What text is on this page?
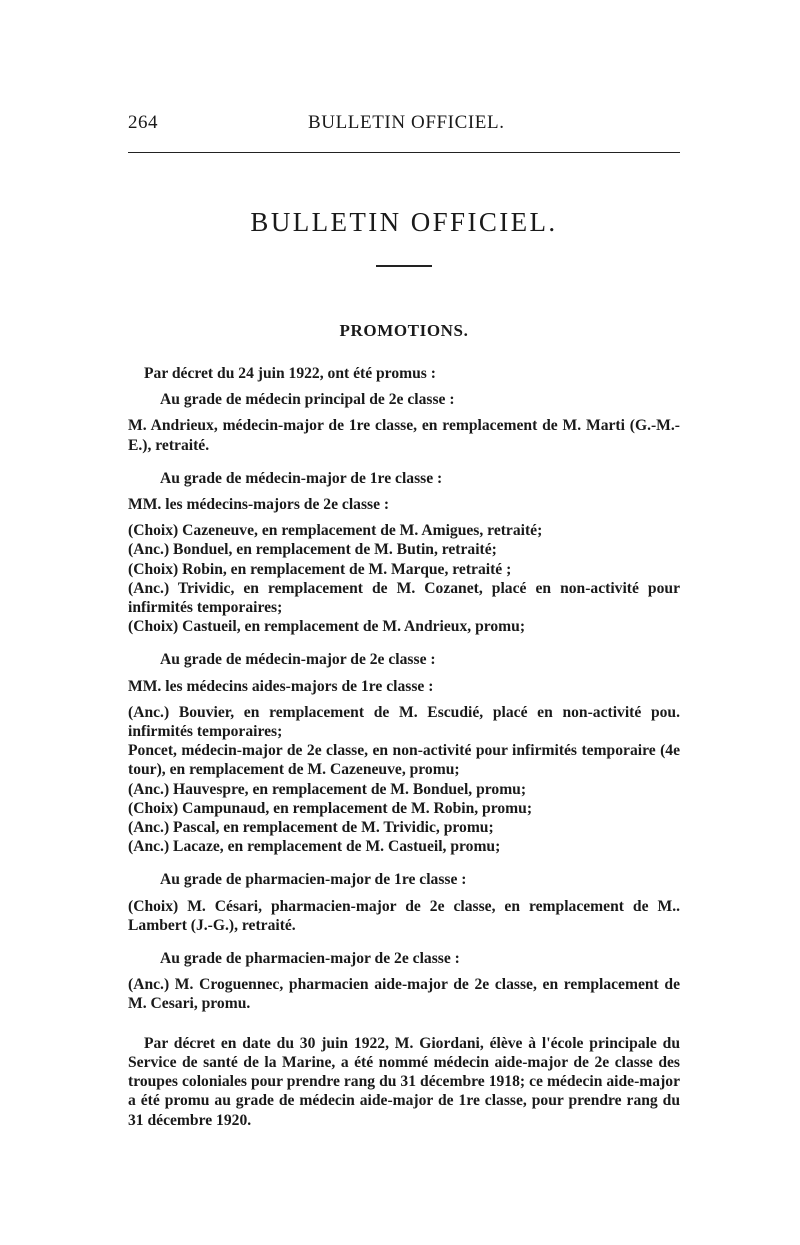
264	BULLETIN OFFICIEL.
BULLETIN OFFICIEL.
PROMOTIONS.

Par décret du 24 juin 1922, ont été promus :

Au grade de médecin principal de 2e classe :

M. Andrieux, médecin-major de 1re classe, en remplacement de M. Marti (G.-M.-E.), retraité.

Au grade de médecin-major de 1re classe :

MM. les médecins-majors de 2e classe :

(Choix) Cazeneuve, en remplacement de M. Amigues, retraité;

(Anc.) Bonduel, en remplacement de M. Butin, retraité;

(Choix) Robin, en remplacement de M. Marque, retraité ;

(Anc.) Trividic, en remplacement de M. Cozanet, placé en non-activité pour infirmités temporaires;

(Choix) Castueil, en remplacement de M. Andrieux, promu;

Au grade de médecin-major de 2e classe :

MM. les médecins aides-majors de 1re classe :

(Anc.) Bouvier, en remplacement de M. Escudié, placé en non-activité pou. infirmités temporaires;

Poncet, médecin-major de 2e classe, en non-activité pour infirmités temporaire (4e tour), en remplacement de M. Cazeneuve, promu;

(Anc.) Hauvespre, en remplacement de M. Bonduel, promu;

(Choix) Campunaud, en remplacement de M. Robin, promu;

(Anc.) Pascal, en remplacement de M. Trividic, promu;

(Anc.) Lacaze, en remplacement de M. Castueil, promu;

Au grade de pharmacien-major de 1re classe :

(Choix) M. Césari, pharmacien-major de 2e classe, en remplacement de M.. Lambert (J.-G.), retraité.

Au grade de pharmacien-major de 2e classe :

(Anc.) M. Croguennec, pharmacien aide-major de 2e classe, en remplacement de M. Cesari, promu.

Par décret en date du 30 juin 1922, M. Giordani, élève à l'école principale du Service de santé de la Marine, a été nommé médecin aide-major de 2e classe des troupes coloniales pour prendre rang du 31 décembre 1918; ce médecin aide-major a été promu au grade de médecin aide-major de 1re classe, pour prendre rang du 31 décembre 1920.
